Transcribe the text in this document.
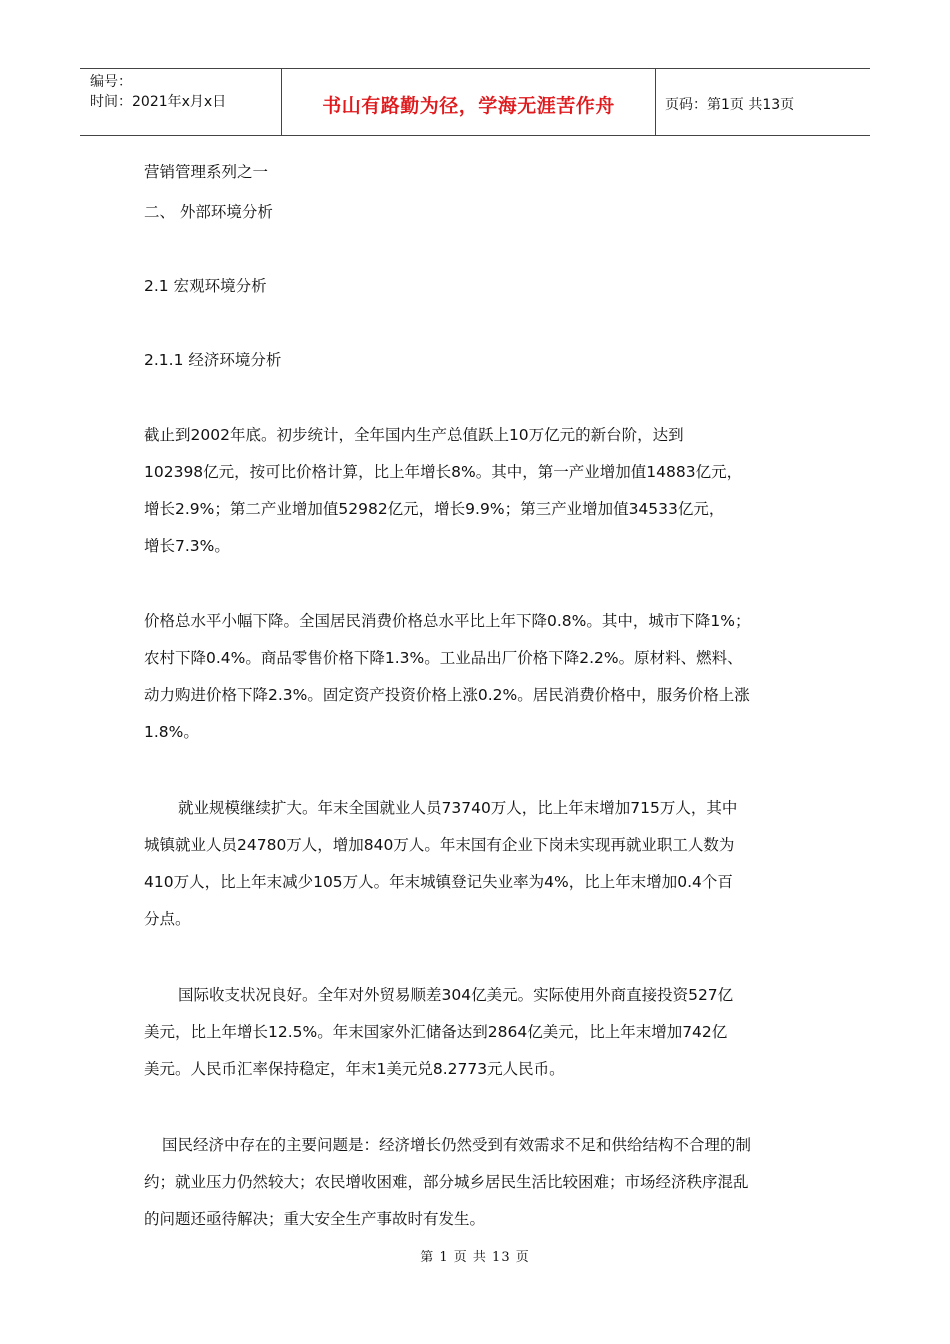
编号：
时间：2021年x月x日	书山有路勤为径，学海无涯苦作舟	页码：第1页 共13页
营销管理系列之一
二、 外部环境分析
2.1 宏观环境分析
2.1.1 经济环境分析
截止到2002年底。初步统计，全年国内生产总值跃上10万亿元的新台阶，达到
102398亿元，按可比价格计算，比上年增长8%。其中，第一产业增加值14883亿元，
增长2.9%；第二产业增加值52982亿元，增长9.9%；第三产业增加值34533亿元，
增长7.3%。
价格总水平小幅下降。全国居民消费价格总水平比上年下降0.8%。其中，城市下降1%；
农村下降0.4%。商品零售价格下降1.3%。工业品出厂价格下降2.2%。原材料、燃料、
动力购进价格下降2.3%。固定资产投资价格上涨0.2%。居民消费价格中，服务价格上涨
1.8%。
就业规模继续扩大。年末全国就业人员73740万人，比上年末增加715万人，其中
城镇就业人员24780万人，增加840万人。年末国有企业下岗未实现再就业职工人数为
410万人，比上年末减少105万人。年末城镇登记失业率为4%，比上年末增加0.4个百
分点。
国际收支状况良好。全年对外贸易顺差304亿美元。实际使用外商直接投资527亿
美元，比上年增长12.5%。年末国家外汇储备达到2864亿美元，比上年末增加742亿
美元。人民币汇率保持稳定，年末1美元兑8.2773元人民币。
国民经济中存在的主要问题是：经济增长仍然受到有效需求不足和供给结构不合理的制
约；就业压力仍然较大；农民增收困难，部分城乡居民生活比较困难；市场经济秩序混乱
的问题还亟待解决；重大安全生产事故时有发生。
第 1 页 共 13 页
